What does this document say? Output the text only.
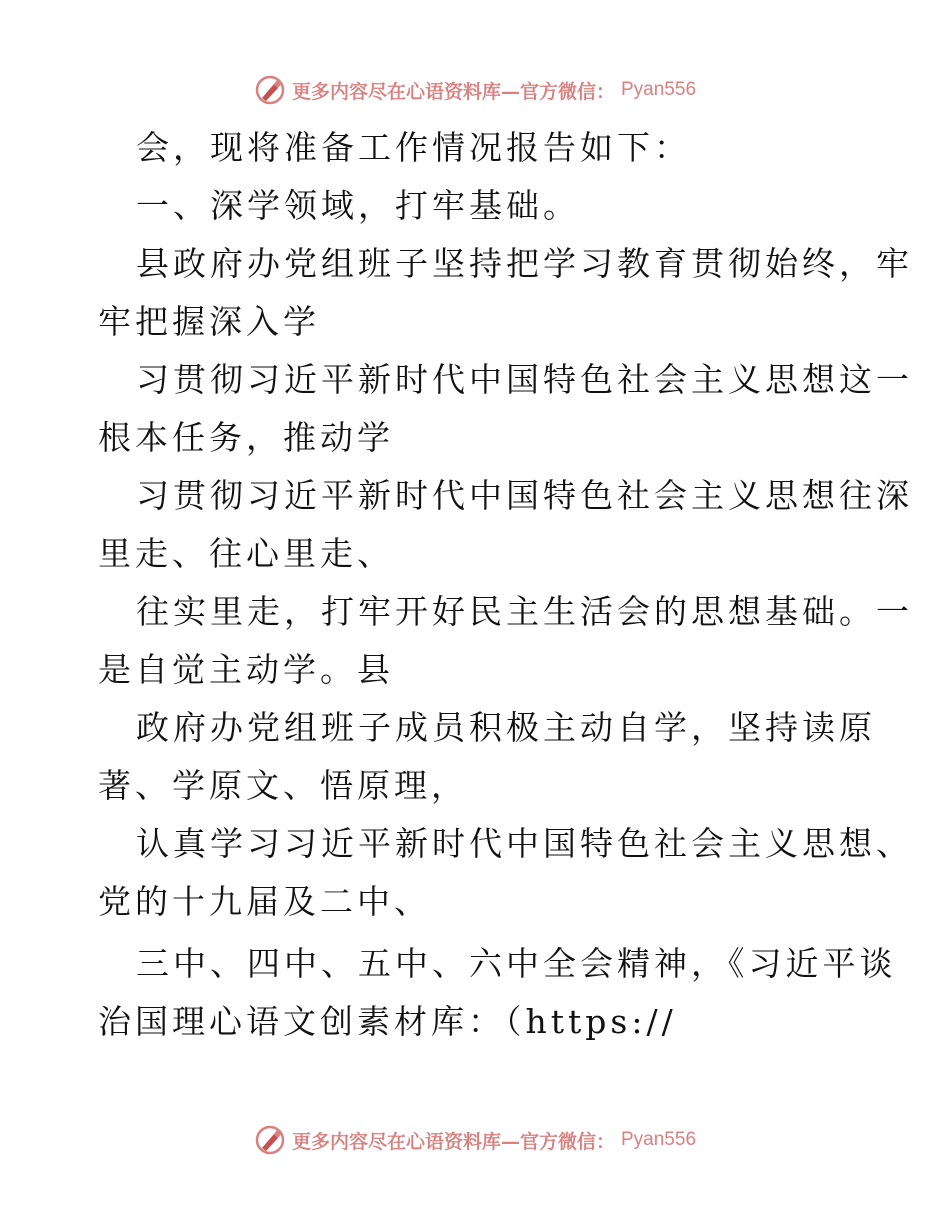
更多内容尽在心语资料库—官方微信： Pyan556
会，现将准备工作情况报告如下：
一、深学领域，打牢基础。
县政府办党组班子坚持把学习教育贯彻始终，牢
牢把握深入学
习贯彻习近平新时代中国特色社会主义思想这一
根本任务，推动学
习贯彻习近平新时代中国特色社会主义思想往深
里走、往心里走、
往实里走，打牢开好民主生活会的思想基础。一
是自觉主动学。县
政府办党组班子成员积极主动自学，坚持读原
著、学原文、悟原理，
认真学习习近平新时代中国特色社会主义思想、
党的十九届及二中、
三中、四中、五中、六中全会精神，《习近平谈
治国理心语文创素材库：（https://
更多内容尽在心语资料库—官方微信： Pyan556
